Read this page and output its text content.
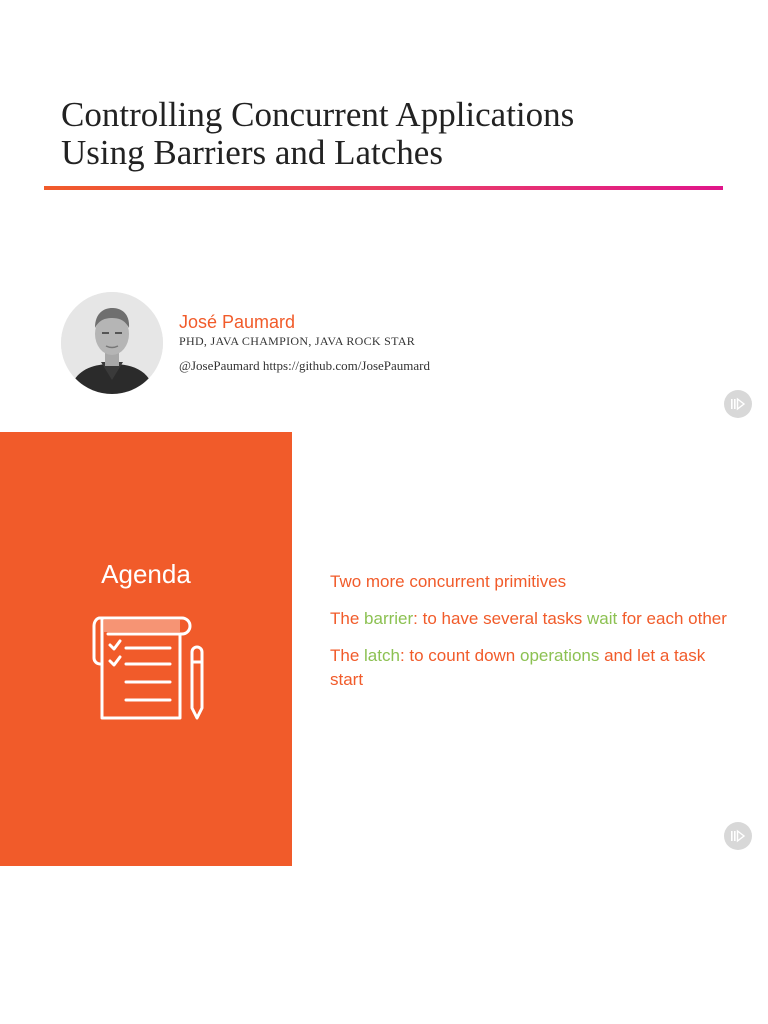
Controlling Concurrent Applications
Using Barriers and Latches
José Paumard
PHD, JAVA CHAMPION, JAVA ROCK STAR
@JosePaumard https://github.com/JosePaumard
Agenda	Two more concurrent primitives
The barrier: to have several tasks wait for each other
The latch: to count down operations and let a task start
